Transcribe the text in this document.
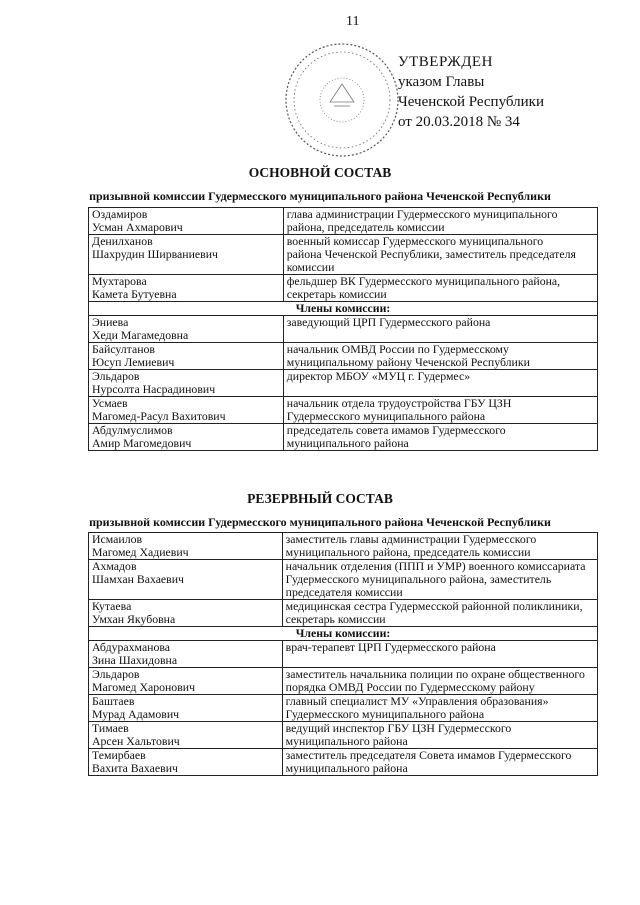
11
УТВЕРЖДЕН
указом Главы
Чеченской Республики
от 20.03.2018 № 34
ОСНОВНОЙ СОСТАВ
призывной комиссии Гудермесского муниципального района Чеченской Республики
Оздамиров
Усман Ахмарович	глава администрации Гудермесского муниципального
района, председатель комиссии

Денилханов
Шахрудин Ширваниевич	военный комиссар Гудермесского муниципального
района Чеченской Республики, заместитель председателя
комиссии

Мухтарова
Камета Бутуевна	фельдшер ВК Гудермесского муниципального района,
секретарь комиссии

Члены комиссии:	

Эниева
Хеди Магамедовна	заведующий ЦРП Гудермесского района

Байсултанов
Юсуп Лемиевич	начальник ОМВД России по Гудермесскому
муниципальному району Чеченской Республики

Эльдаров
Нурсолта Насрадинович	директор МБОУ «МУЦ г. Гудермес»

Усмаев
Магомед-Расул Вахитович	начальник отдела трудоустройства ГБУ ЦЗН
Гудермесского муниципального района

Абдулмуслимов
Амир Магомедович	председатель совета имамов Гудермесского
муниципального района
РЕЗЕРВНЫЙ СОСТАВ
призывной комиссии Гудермесского муниципального района Чеченской Республики
Исмаилов
Магомед Хадиевич	заместитель главы администрации Гудермесского
муниципального района, председатель комиссии

Ахмадов
Шамхан Вахаевич	начальник отделения (ППП и УМР) военного комиссариата
Гудермесского муниципального района, заместитель
председателя комиссии

Кутаева
Умхан Якубовна	медицинская сестра Гудермесской районной поликлиники,
секретарь комиссии

Члены комиссии:	

Абдурахманова
Зина Шахидовна	врач-терапевт ЦРП Гудермесского района

Эльдаров
Магомед Харонович	заместитель начальника полиции по охране общественного
порядка ОМВД России по Гудермесскому району

Баштаев
Мурад Адамович	главный специалист МУ «Управления образования»
Гудермесского муниципального района

Тимаев
Арсен Хальтович	ведущий инспектор ГБУ ЦЗН Гудермесского
муниципального района

Темирбаев
Вахита Вахаевич	заместитель председателя Совета имамов Гудермесского
муниципального района
